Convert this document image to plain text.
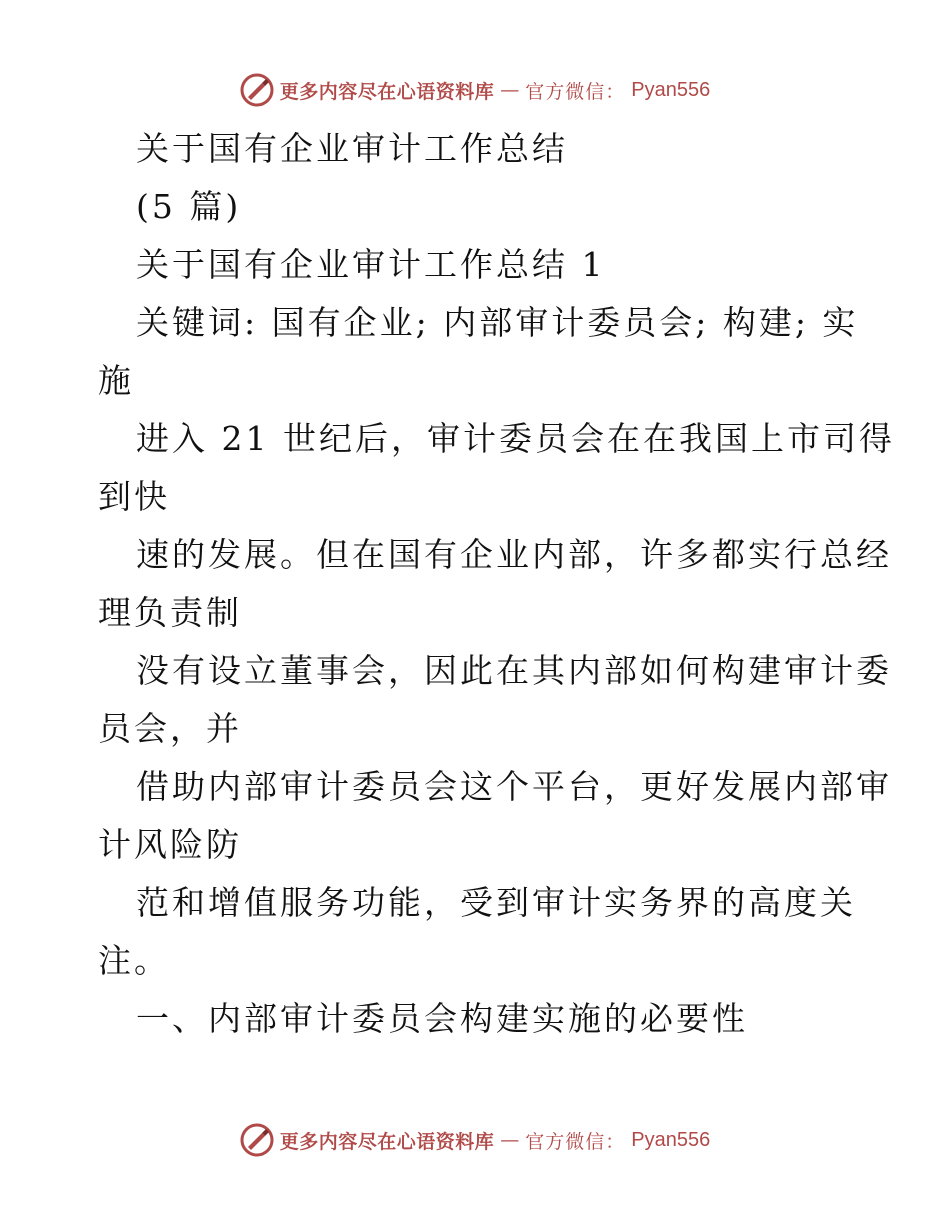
更多内容尽在心语资料库 — 官方微信： Pyan556

关于国有企业审计工作总结

(5 篇)

关于国有企业审计工作总结 1

关键词: 国有企业; 内部审计委员会; 构建; 实

施

进入 21 世纪后，审计委员会在在我国上市司得

到快

速的发展。但在国有企业内部，许多都实行总经

理负责制

没有设立董事会，因此在其内部如何构建审计委

员会，并

借助内部审计委员会这个平台，更好发展内部审

计风险防

范和增值服务功能，受到审计实务界的高度关

注。

一、内部审计委员会构建实施的必要性

更多内容尽在心语资料库 — 官方微信： Pyan556
